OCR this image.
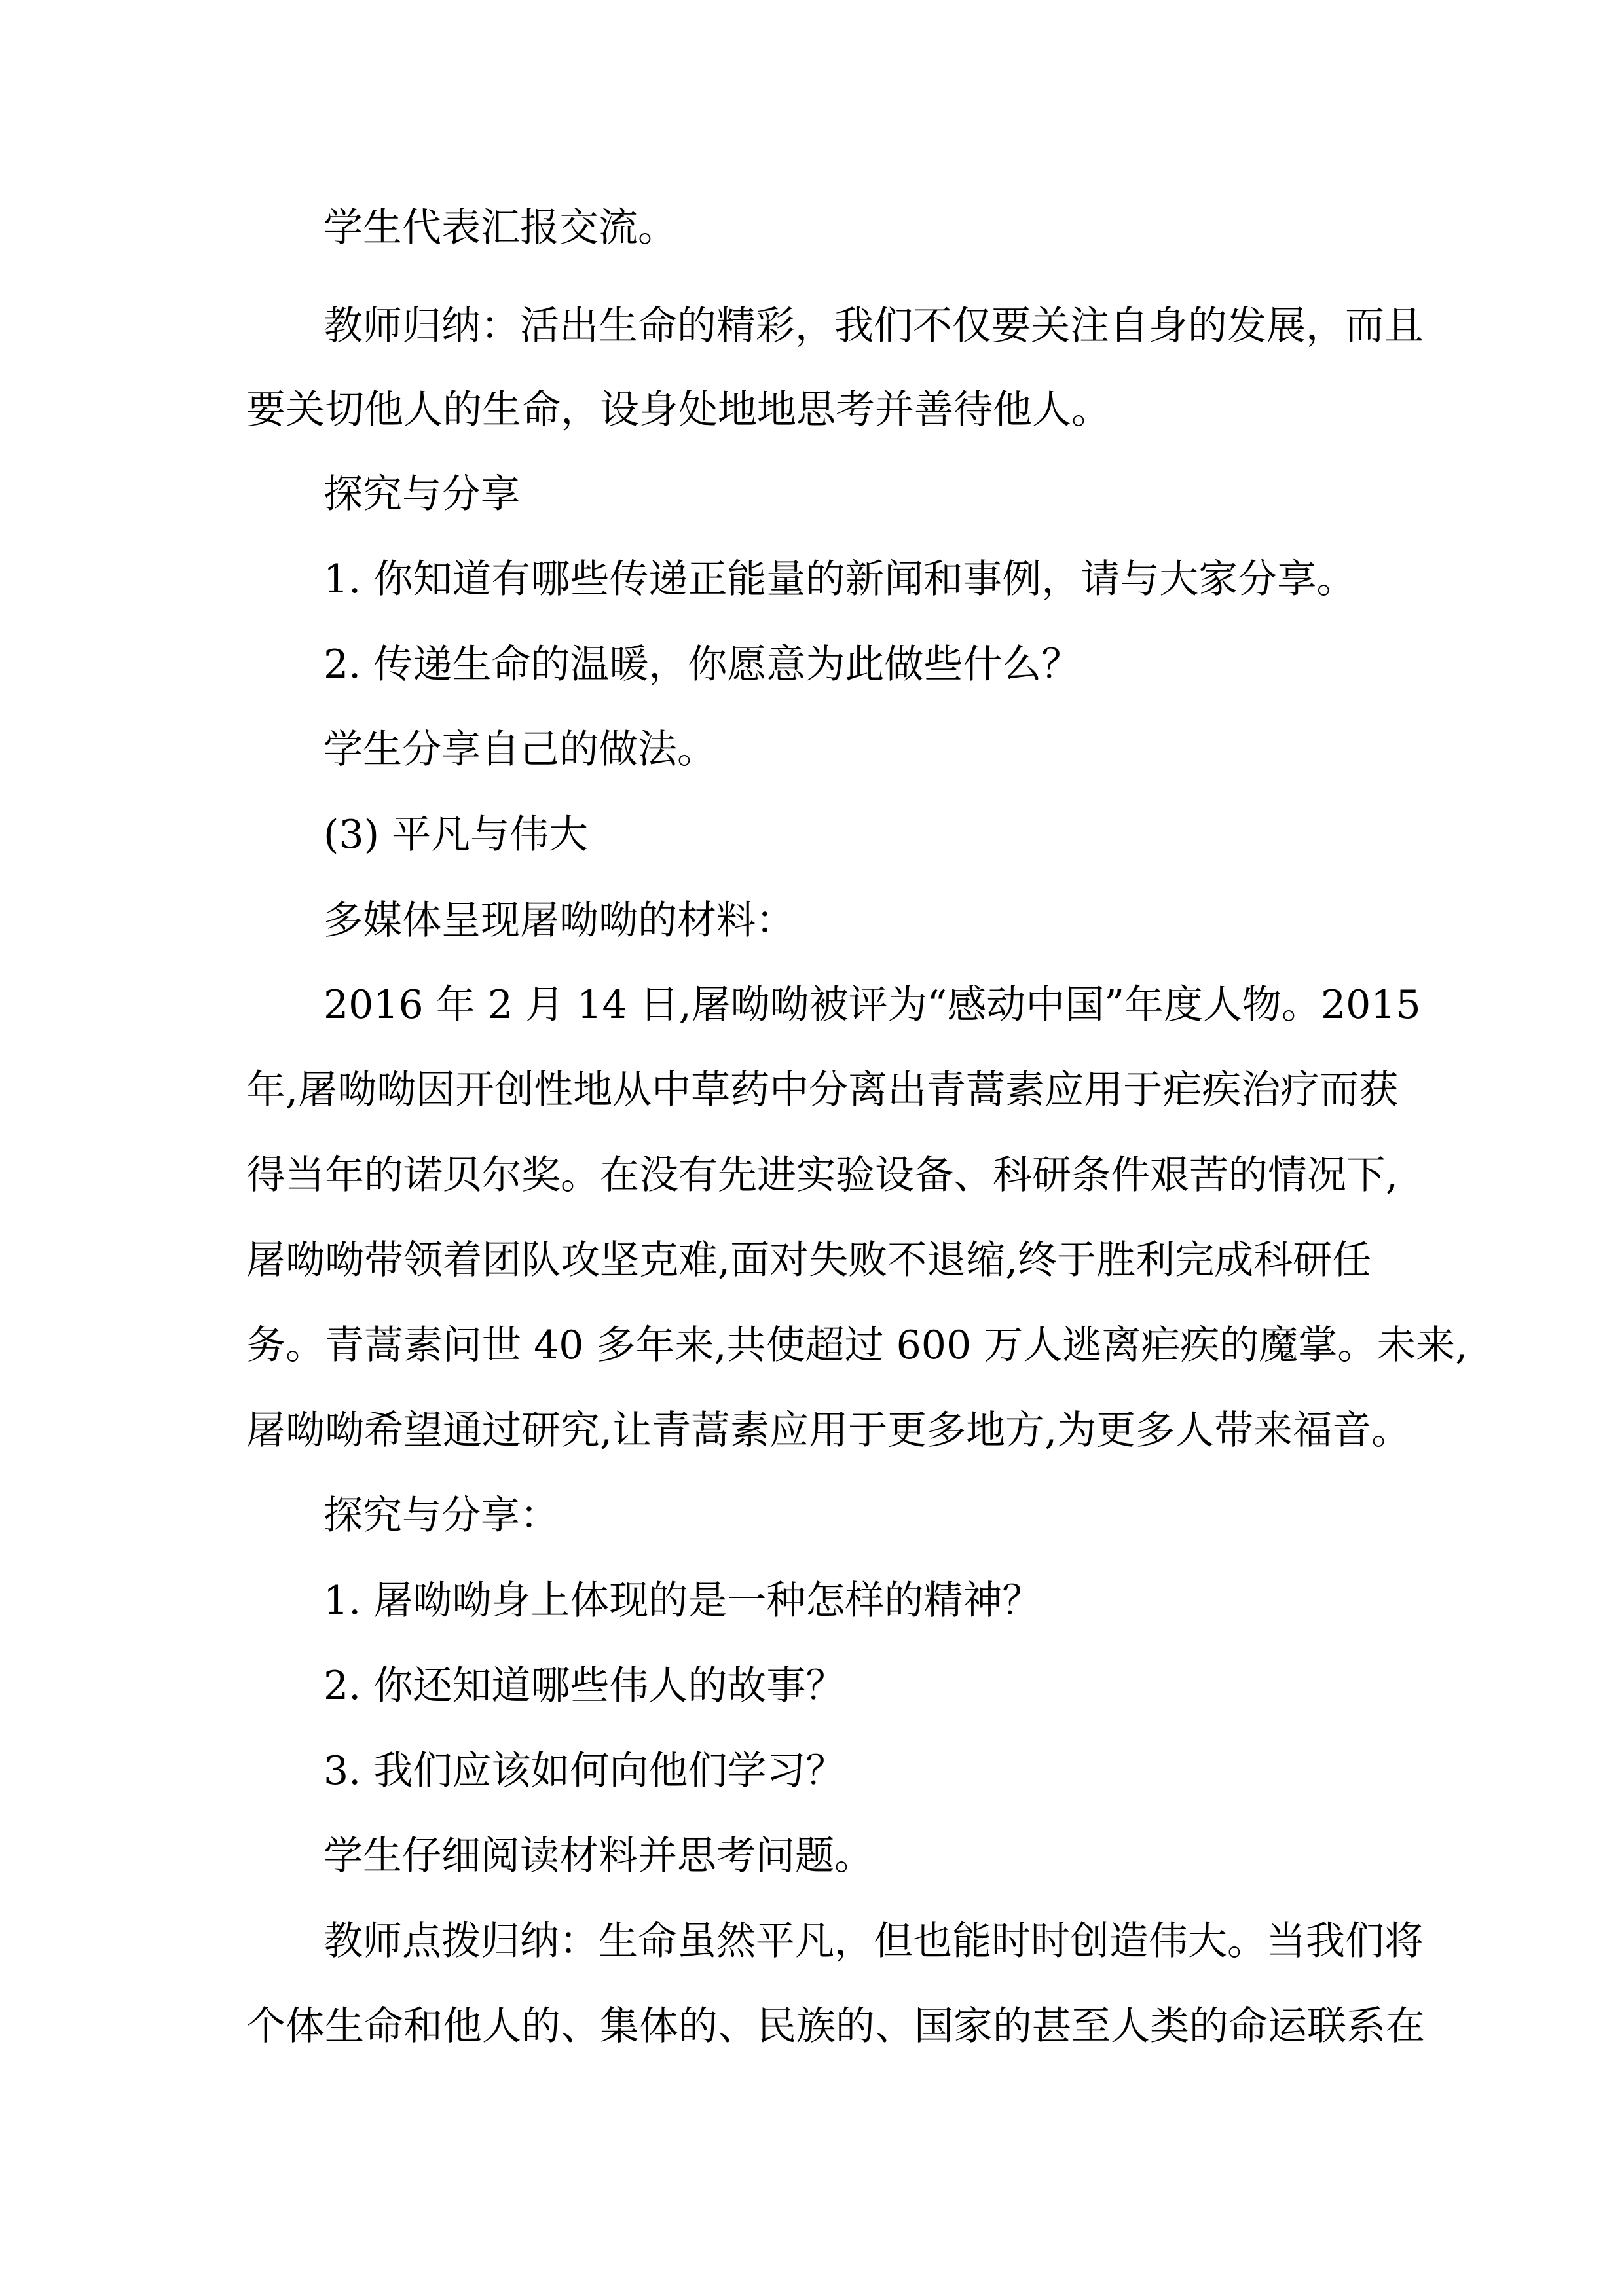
学生代表汇报交流。

教师归纳：活出生命的精彩，我们不仅要关注自身的发展，而且

要关切他人的生命，设身处地地思考并善待他人。

探究与分享

1. 你知道有哪些传递正能量的新闻和事例，请与大家分享。

2. 传递生命的温暖，你愿意为此做些什么？

学生分享自己的做法。

(3) 平凡与伟大

多媒体呈现屠呦呦的材料：

2016 年 2 月 14 日,屠呦呦被评为“感动中国”年度人物。2015

年,屠呦呦因开创性地从中草药中分离出青蒿素应用于疟疾治疗而获

得当年的诺贝尔奖。在没有先进实验设备、科研条件艰苦的情况下,

屠呦呦带领着团队攻坚克难,面对失败不退缩,终于胜利完成科研任

务。青蒿素问世 40 多年来,共使超过 600 万人逃离疟疾的魔掌。未来,

屠呦呦希望通过研究,让青蒿素应用于更多地方,为更多人带来福音。

探究与分享：

1. 屠呦呦身上体现的是一种怎样的精神？

2. 你还知道哪些伟人的故事？

3. 我们应该如何向他们学习？

学生仔细阅读材料并思考问题。

教师点拨归纳：生命虽然平凡，但也能时时创造伟大。当我们将

个体生命和他人的、集体的、民族的、国家的甚至人类的命运联系在
